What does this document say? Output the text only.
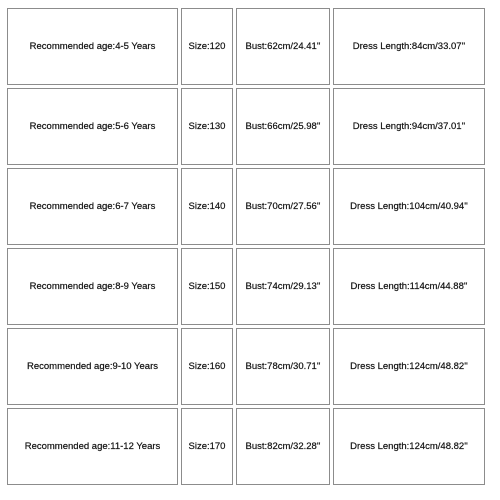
Recommended age:4-5 Years	Size:120	Bust:62cm/24.41''	Dress Length:84cm/33.07''
Recommended age:5-6 Years	Size:130	Bust:66cm/25.98''	Dress Length:94cm/37.01''
Recommended age:6-7 Years	Size:140	Bust:70cm/27.56''	Dress Length:104cm/40.94''
Recommended age:8-9 Years	Size:150	Bust:74cm/29.13''	Dress Length:114cm/44.88''
Recommended age:9-10 Years	Size:160	Bust:78cm/30.71''	Dress Length:124cm/48.82''
Recommended age:11-12 Years	Size:170	Bust:82cm/32.28''	Dress Length:124cm/48.82''
